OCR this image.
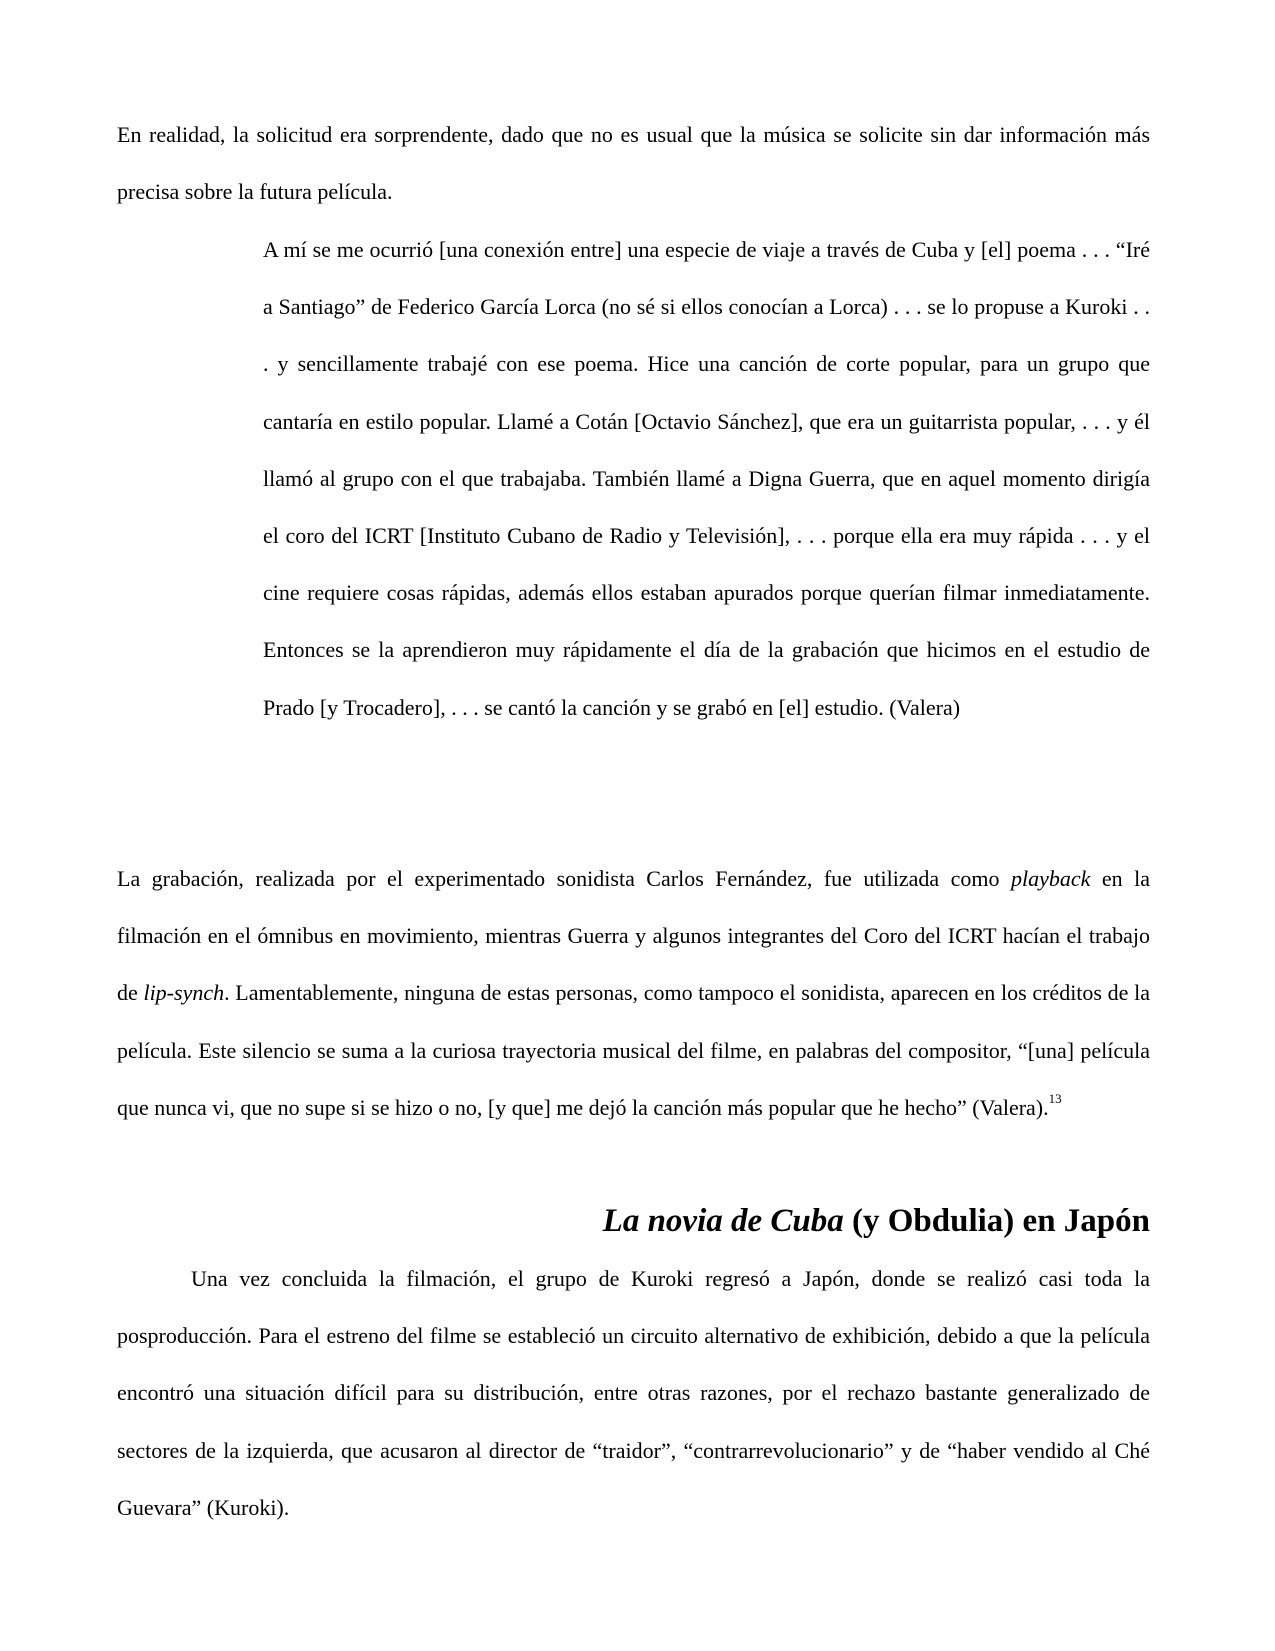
En realidad, la solicitud era sorprendente, dado que no es usual que la música se solicite sin dar información más precisa sobre la futura película.

A mí se me ocurrió [una conexión entre] una especie de viaje a través de Cuba y [el] poema . . . “Iré a Santiago” de Federico García Lorca (no sé si ellos conocían a Lorca) . . . se lo propuse a Kuroki . . . y sencillamente trabajé con ese poema. Hice una canción de corte popular, para un grupo que cantaría en estilo popular. Llamé a Cotán [Octavio Sánchez], que era un guitarrista popular, . . . y él llamó al grupo con el que trabajaba. También llamé a Digna Guerra, que en aquel momento dirigía el coro del ICRT [Instituto Cubano de Radio y Televisión], . . . porque ella era muy rápida . . . y el cine requiere cosas rápidas, además ellos estaban apurados porque querían filmar inmediatamente. Entonces se la aprendieron muy rápidamente el día de la grabación que hicimos en el estudio de Prado [y Trocadero], . . . se cantó la canción y se grabó en [el] estudio. (Valera)

La grabación, realizada por el experimentado sonidista Carlos Fernández, fue utilizada como playback en la filmación en el ómnibus en movimiento, mientras Guerra y algunos integrantes del Coro del ICRT hacían el trabajo de lip-synch. Lamentablemente, ninguna de estas personas, como tampoco el sonidista, aparecen en los créditos de la película. Este silencio se suma a la curiosa trayectoria musical del filme, en palabras del compositor, “[una] película que nunca vi, que no supe si se hizo o no, [y que] me dejó la canción más popular que he hecho” (Valera).$^{13}$

La novia de Cuba (y Obdulia) en Japón

Una vez concluida la filmación, el grupo de Kuroki regresó a Japón, donde se realizó casi toda la posproducción. Para el estreno del filme se estableció un circuito alternativo de exhibición, debido a que la película encontró una situación difícil para su distribución, entre otras razones, por el rechazo bastante generalizado de sectores de la izquierda, que acusaron al director de “traidor”, “contrarrevolucionario” y de “haber vendido al Ché Guevara” (Kuroki).
